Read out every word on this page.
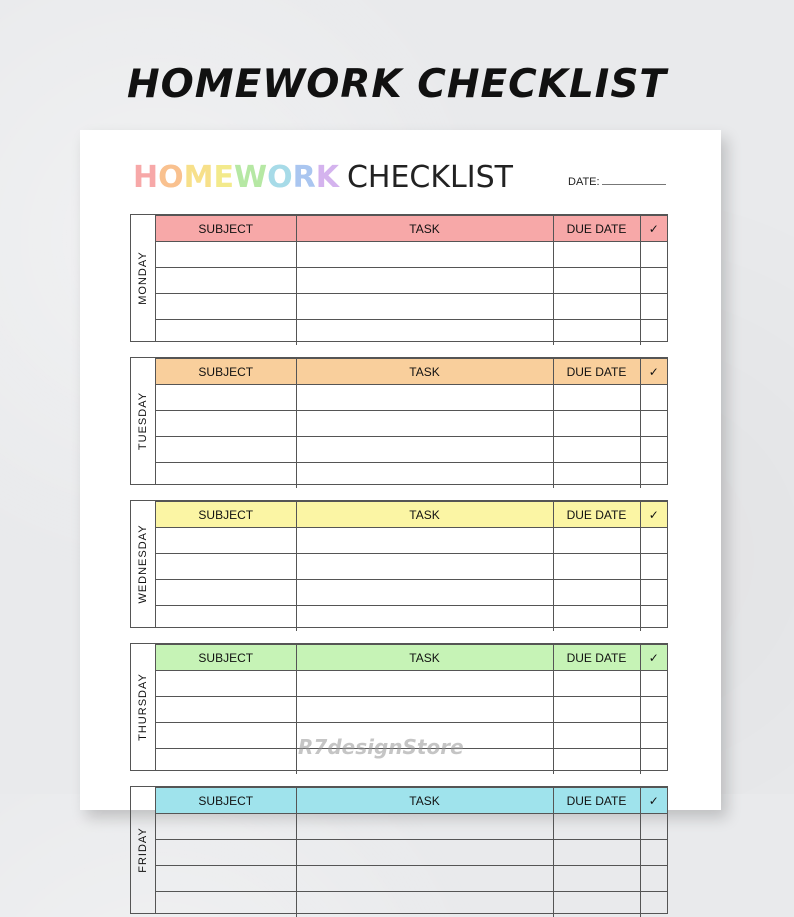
HOMEWORK CHECKLIST
HOMEWORK CHECKLIST	DATE:
MONDAY
SUBJECT	TASK	DUE DATE	✓

TUESDAY
SUBJECT	TASK	DUE DATE	✓

WEDNESDAY
SUBJECT	TASK	DUE DATE	✓

THURSDAY
SUBJECT	TASK	DUE DATE	✓

FRIDAY
SUBJECT	TASK	DUE DATE	✓

R7designStore
